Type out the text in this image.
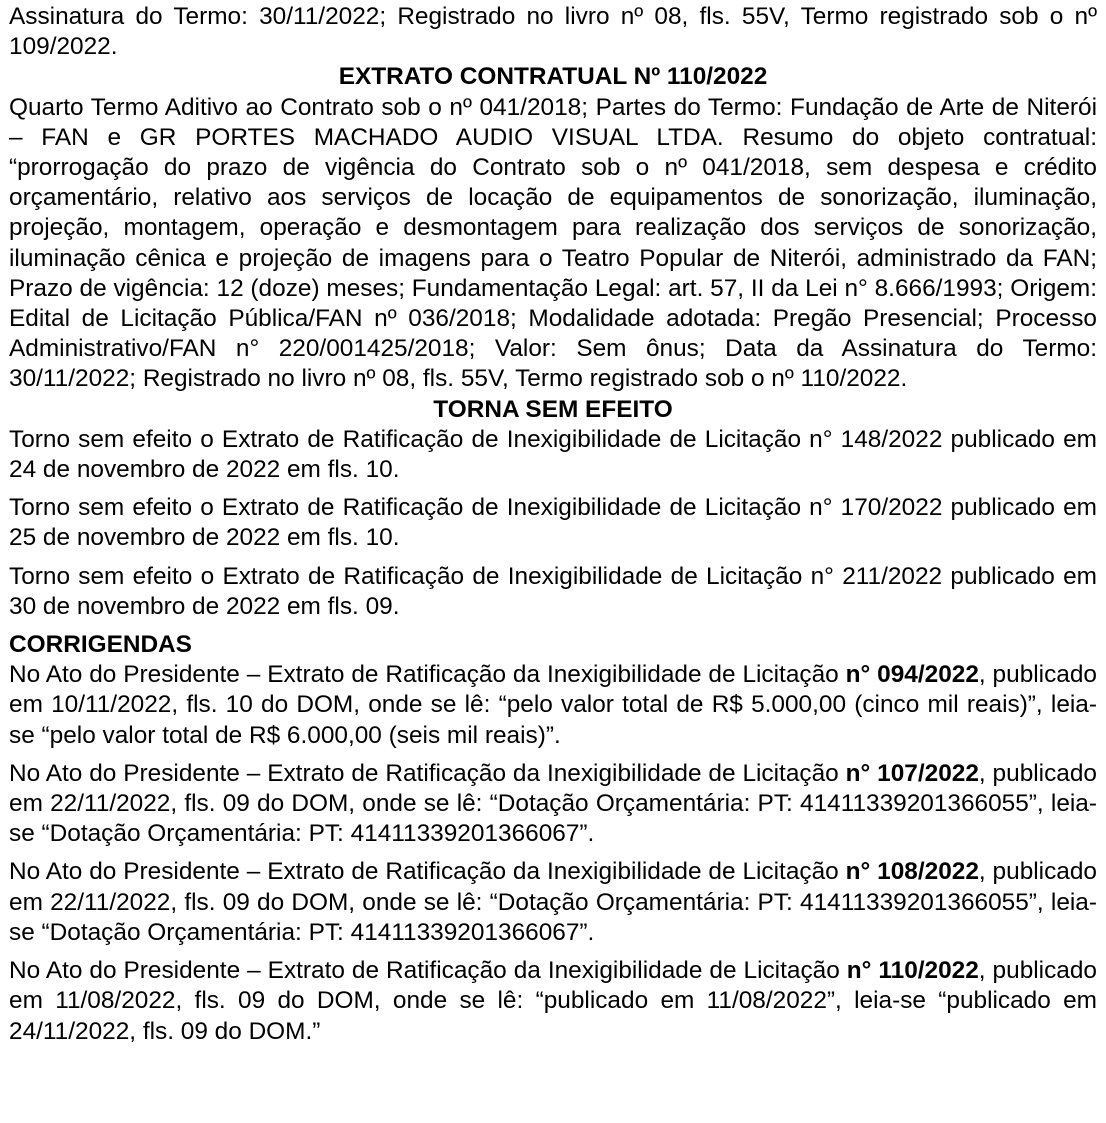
Assinatura do Termo: 30/11/2022; Registrado no livro nº 08, fls. 55V, Termo registrado sob o nº 109/2022.

EXTRATO CONTRATUAL Nº 110/2022

Quarto Termo Aditivo ao Contrato sob o nº 041/2018; Partes do Termo: Fundação de Arte de Niterói – FAN e GR PORTES MACHADO AUDIO VISUAL LTDA. Resumo do objeto contratual: “prorrogação do prazo de vigência do Contrato sob o nº 041/2018, sem despesa e crédito orçamentário, relativo aos serviços de locação de equipamentos de sonorização, iluminação, projeção, montagem, operação e desmontagem para realização dos serviços de sonorização, iluminação cênica e projeção de imagens para o Teatro Popular de Niterói, administrado da FAN; Prazo de vigência: 12 (doze) meses; Fundamentação Legal: art. 57, II da Lei n° 8.666/1993; Origem: Edital de Licitação Pública/FAN nº 036/2018; Modalidade adotada: Pregão Presencial; Processo Administrativo/FAN n° 220/001425/2018; Valor: Sem ônus; Data da Assinatura do Termo: 30/11/2022; Registrado no livro nº 08, fls. 55V, Termo registrado sob o nº 110/2022.

TORNA SEM EFEITO

Torno sem efeito o Extrato de Ratificação de Inexigibilidade de Licitação n° 148/2022 publicado em 24 de novembro de 2022 em fls. 10.

Torno sem efeito o Extrato de Ratificação de Inexigibilidade de Licitação n° 170/2022 publicado em 25 de novembro de 2022 em fls. 10.

Torno sem efeito o Extrato de Ratificação de Inexigibilidade de Licitação n° 211/2022 publicado em 30 de novembro de 2022 em fls. 09.

CORRIGENDAS

No Ato do Presidente – Extrato de Ratificação da Inexigibilidade de Licitação n° 094/2022, publicado em 10/11/2022, fls. 10 do DOM, onde se lê: “pelo valor total de R$ 5.000,00 (cinco mil reais)”, leia-se “pelo valor total de R$ 6.000,00 (seis mil reais)”.

No Ato do Presidente – Extrato de Ratificação da Inexigibilidade de Licitação n° 107/2022, publicado em 22/11/2022, fls. 09 do DOM, onde se lê: “Dotação Orçamentária: PT: 41411339201366055”, leia-se “Dotação Orçamentária: PT: 41411339201366067”.

No Ato do Presidente – Extrato de Ratificação da Inexigibilidade de Licitação n° 108/2022, publicado em 22/11/2022, fls. 09 do DOM, onde se lê: “Dotação Orçamentária: PT: 41411339201366055”, leia-se “Dotação Orçamentária: PT: 41411339201366067”.

No Ato do Presidente – Extrato de Ratificação da Inexigibilidade de Licitação n° 110/2022, publicado em 11/08/2022, fls. 09 do DOM, onde se lê: “publicado em 11/08/2022”, leia-se “publicado em 24/11/2022, fls. 09 do DOM.”
